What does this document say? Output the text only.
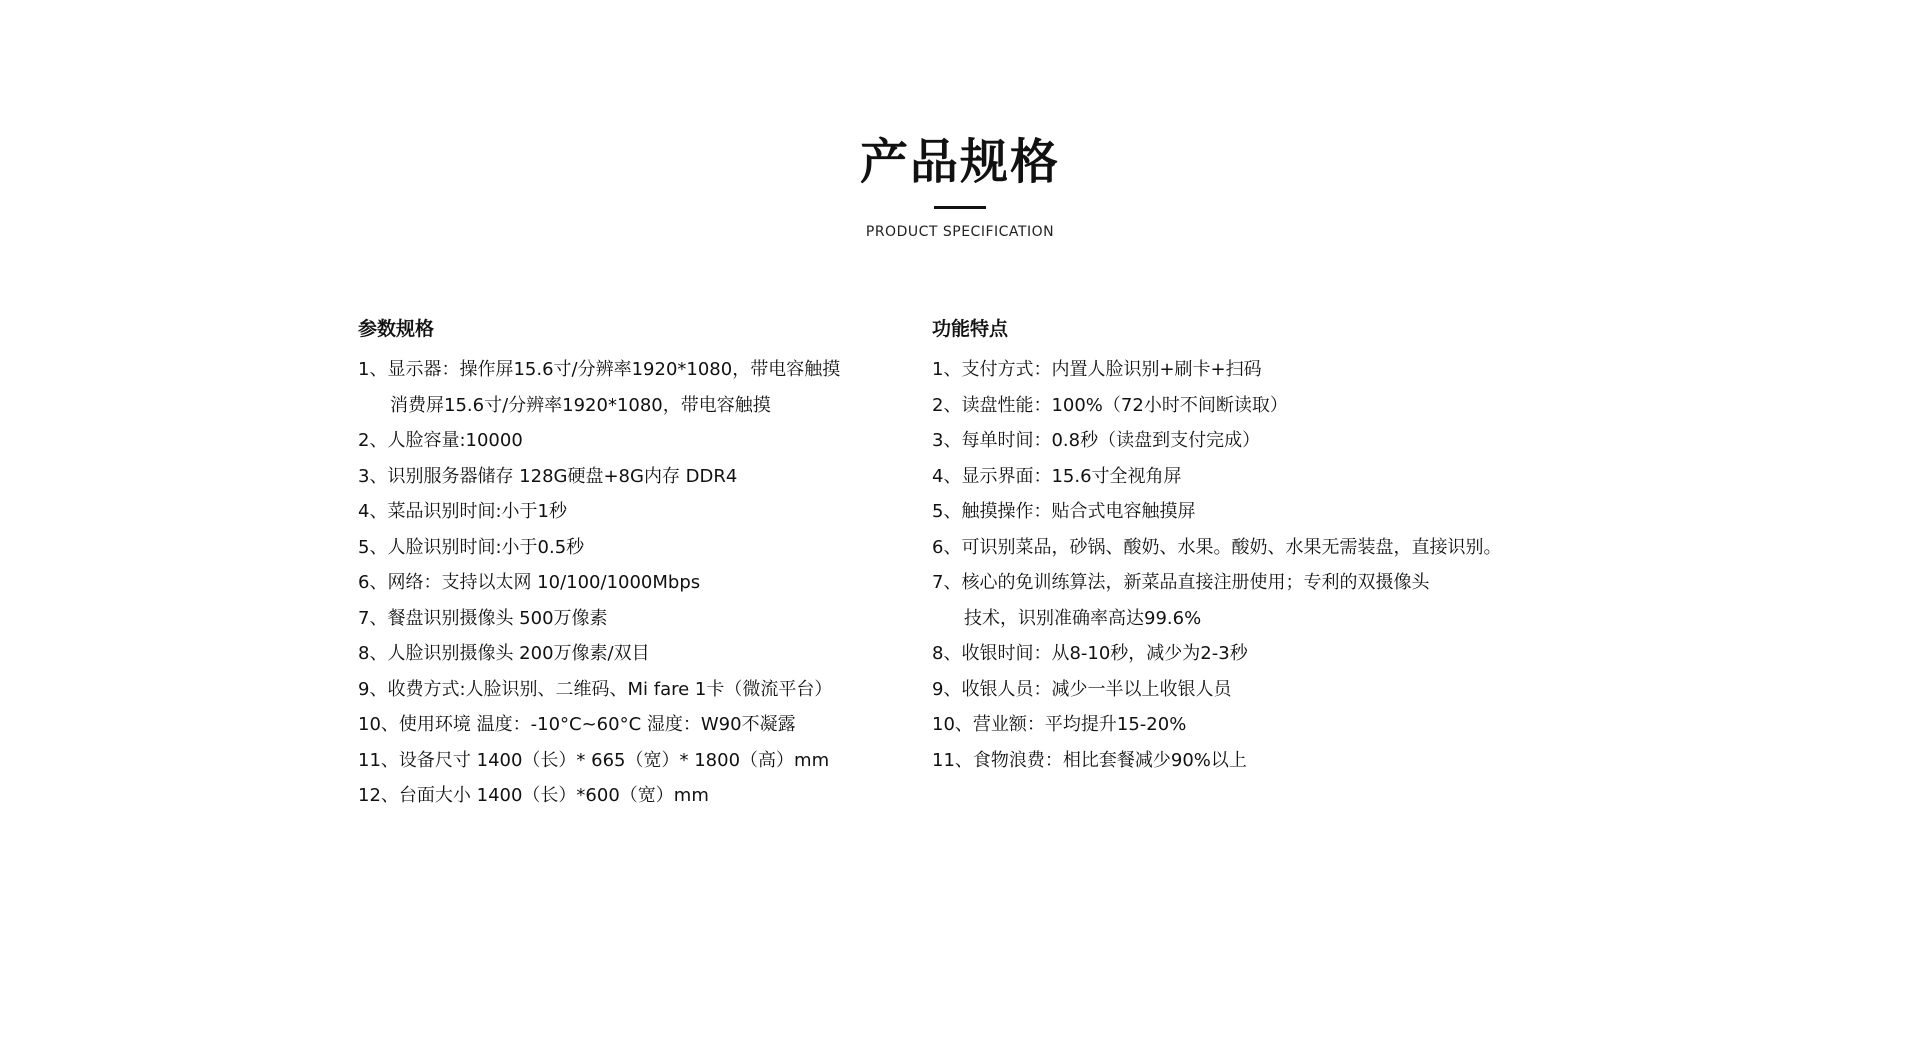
产品规格
PRODUCT SPECIFICATION
参数规格
1、显示器：操作屏15.6寸/分辨率1920*1080，带电容触摸
消费屏15.6寸/分辨率1920*1080，带电容触摸
2、人脸容量:10000
3、识别服务器储存 128G硬盘+8G内存 DDR4
4、菜品识别时间:小于1秒
5、人脸识别时间:小于0.5秒
6、网络：支持以太网 10/100/1000Mbps
7、餐盘识别摄像头 500万像素
8、人脸识别摄像头 200万像素/双目
9、收费方式:人脸识别、二维码、Mi fare 1卡（微流平台）
10、使用环境 温度：-10°C~60°C 湿度：W90不凝露
11、设备尺寸 1400（长）* 665（宽）* 1800（高）mm
12、台面大小 1400（长）*600（宽）mm
功能特点
1、支付方式：内置人脸识别+刷卡+扫码
2、读盘性能：100%（72小时不间断读取）
3、每单时间：0.8秒（读盘到支付完成）
4、显示界面：15.6寸全视角屏
5、触摸操作：贴合式电容触摸屏
6、可识别菜品，砂锅、酸奶、水果。酸奶、水果无需装盘，直接识别。
7、核心的免训练算法，新菜品直接注册使用；专利的双摄像头
技术，识别准确率高达99.6%
8、收银时间：从8-10秒，减少为2-3秒
9、收银人员：减少一半以上收银人员
10、营业额：平均提升15-20%
11、食物浪费：相比套餐减少90%以上
